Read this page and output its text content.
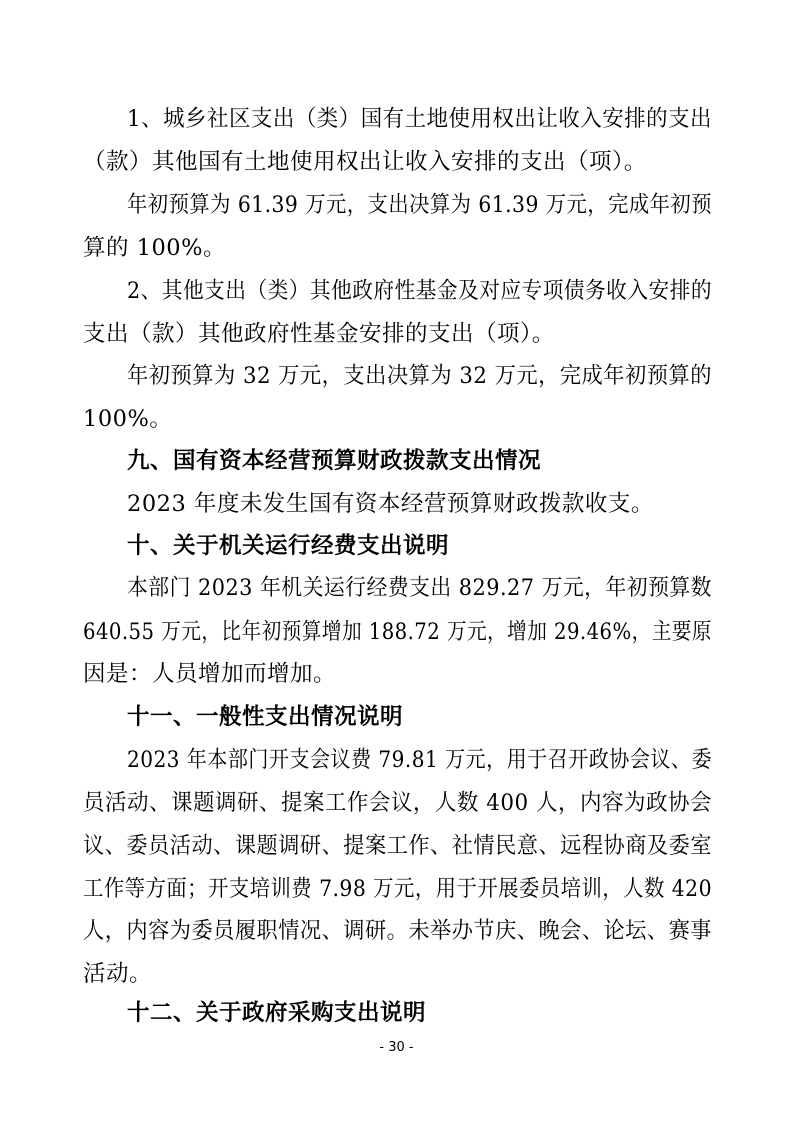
1、城乡社区支出（类）国有土地使用权出让收入安排的支出
（款）其他国有土地使用权出让收入安排的支出（项）。
年初预算为 61.39 万元，支出决算为 61.39 万元，完成年初预
算的 100%。
2、其他支出（类）其他政府性基金及对应专项债务收入安排的
支出（款）其他政府性基金安排的支出（项）。
年初预算为 32 万元，支出决算为 32 万元，完成年初预算的
100%。
九、国有资本经营预算财政拨款支出情况
2023 年度未发生国有资本经营预算财政拨款收支。
十、关于机关运行经费支出说明
本部门 2023 年机关运行经费支出 829.27 万元，年初预算数
640.55 万元，比年初预算增加 188.72 万元，增加 29.46%，主要原
因是：人员增加而增加。
十一、一般性支出情况说明
2023 年本部门开支会议费 79.81 万元，用于召开政协会议、委
员活动、课题调研、提案工作会议，人数 400 人，内容为政协会
议、委员活动、课题调研、提案工作、社情民意、远程协商及委室
工作等方面；开支培训费 7.98 万元，用于开展委员培训，人数 420
人，内容为委员履职情况、调研。未举办节庆、晚会、论坛、赛事
活动。
十二、关于政府采购支出说明
- 30 -
